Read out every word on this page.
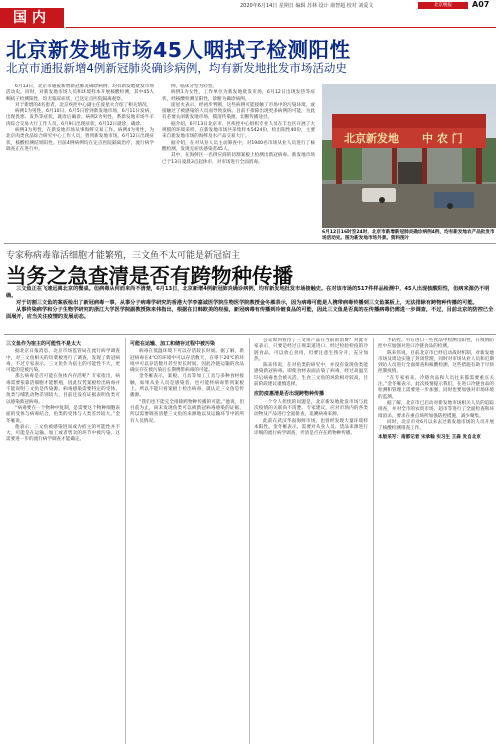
国内
2020年6月14日 星期日 编辑 苏林 设计 康智超 校对 刘爱文	北京晚报	A07
北京新发地市场45人咽拭子检测阳性
北京市通报新增4例新冠肺炎确诊病例，均有新发地批发市场活动史

6月13日，北京市通报新增新冠肺炎确诊病例，均有新发地批发市场活动史。同时，对新发地市场人员和环境样本开展核酸检测，其中45人咽拭子检测阳性，均无临床症状，已送定点医院隔离观察。

对于新增的4名患者，北京疾控中心副主任庞星火介绍了相关情况。

病例1为男性，6月10日、6月5日曾到新发地市场，6月11日发病，出现畏寒、发热等症状，就诊后确诊。病例2为男性，系新发地市场牛羊肉综合交易大厅工作人员，6月9日出现症状，6月12日就诊，确诊。

病例3为男性，在新发地市场从事海鲜交易工作。病例4为男性，为北京肉类食品综合研究中心工作人员，曾到新发地市场。6月12日出现症状，核酸检测结果阳性。目前4例病例均在定点医院隔离治疗，流行病学调查正在进行中。

例，临床分型为轻型。

病例1为女性，工作单位为新发地批发市场，6月12日出现发热等症状，经核酸检测呈阳性，诊断为确诊病例。

庞星火表示，经初步判断，这些病例可能接触了市场中的污染环境，或接触过了被感染的人员而导致发病。目前不排除出现更多病例的可能，为此有必要关闭新发地市场，摸清传染源，切断传播途径。

据介绍，6月13日北京市、区疾控中心组织专业人员在丰台区开展了大规模的环境采样，在新发地市场共采集样本5424份，检出阳性40份，主要来自新发地市场的海鲜及水产品交易大厅。

据介绍，在对从业人员主动筛查中，对1940名市场从业人员进行了核酸检测，发现无症状感染者45人。

其中，在海鲜区一名供应商的切割案板上检测出新冠病毒。新发地市场已于13日凌晨3点起休市，对市场进行全面消毒。

北京新发地 中 农 门
6月12日16时至24时，北京市新增新冠肺炎确诊病例4例，均有新发地农产品批发市场活动史。图为新发地市场外景。资料图片
专家称病毒靠活细胞才能繁殖，三文鱼不太可能是新冠宿主
当务之急查清是否有跨物种传播

三文鱼正在飞速远离北京的餐桌。但病毒从何而来尚不清楚，6月13日，北京新增4例新冠肺炎确诊病例，均有新发地批发市场接触史。在对该市场的517件样品检测中，45人出现核酸阳性，但病来源仍不明确。

对于切割三文鱼的案板检出了新冠病毒一事，从事分子病毒学研究的香港大学李嘉诚医学院生物医学院教授金冬雁表示，因为病毒可能是人携带病毒传播到三文鱼案板上，无法排除有跨物种传播的可能。

从事传染病学和分子生物学研究的浙江大学医学院副教授陈来伟指出，根据在日韩欧美的经验，新冠病毒有传播到冷链食品的可能，因此三文鱼是否真的在传播病毒仍需进一步调查，不过，目前北京的防控已全面展开，应当关注疫情的发展动态。

三文鱼作为宿主的可能性不是太大

据北京日报消息，北京市场监管局在流行病学调查中，对三文鱼相关的切菜板进行了调查，发现了新冠病毒。不过专家表示，三文鱼作为宿主的可能性不大，更可能的是被污染。

那么病毒是否可能在鱼体内存活呢？专家指出，病毒需要依靠活细胞才能繁殖，因此仅凭案板检出病毒并不能说明三文鱼是传染源。病毒感染需要特定的受体，鱼类与哺乳动物差别较大，目前还没有证据表明鱼类可以感染新冠病毒。

“病毒要在一个物种中复制，是需要这个物种细胞表面的受体与病毒结合，鱼类的受体与人类差异较大。”金冬雁说。

他表示，三文鱼被感染进而成为宿主的可能性并不大，可能是在运输、加工或者售卖的环节中被污染。这需要进一步的流行病学调查才能确定。

可能在运输、加工和储存过程中被污染

病毒在低温环境下可以存活较长时间。据了解，新冠病毒在4℃的环境中可以存活数天，在零下20℃的环境中可以存活数月甚至更长时间。因此冷链运输的食品确实存在被污染后长期携带病毒的可能。

金冬雁表示，案板、刀具等加工工具与多种食材接触，如果从业人员是感染者，也可能将病毒带到案板上。所以不能只看案板上检出病毒，就认定三文鱼是传播源。

“我们也不能完全排除跨物种传播的可能。”他说，但目前为止，尚未发现鱼类可以被新冠病毒感染的证据，所以需要调查清楚三文鱼的来源地以及运输环节中的所有人员情况。

公众如何看待了三文鱼产品在当前的消费？对此专家表示，只要是经过正规渠道进口、经过检验检疫的冷链食品，可以放心食用，但要注意生熟分开，充分加热。

陈来伟说，在对鱼类的研究中，并没有发现鱼类能感染新冠病毒。即使食材表面沾染了病毒，经过高温烹饪后病毒也会被灭活。生食三文鱼的风险相对较高，目前阶段建议谨慎选择。

应防疫惠清是否出现跨物种传播

一个令人担忧的问题是，北京新发地批发市场与此次疫情的关联尚不清楚。专家建议，应对市场内的各类动物及产品进行全面排查，追溯病毒来源。

此前在武汉华南海鲜市场，也曾经发现大量环境样本阳性。金冬雁表示，需要对从业人员、货品来源进行详细的流行病学调查，弄清是否存在跨物种传播。

予防控。另在进口一些食品中检测出阳性，在疫情防控中应加强对进口冷链食品的检测。

陈来伟说，目前北京市已经启动战时机制，对新发地市场及周边实施了封闭管理，同时对市场从业人员和近期到访人员进行全面排查和核酸检测，这些措施有助于尽快控制疫情。

“在专家看来，冷链食品和人员往来都需要重点关注。”金冬雁表示，此次疫情提示我们，在进口冷链食品的检测和管理上需要进一步加强，同时也要加强对市场环境的监测。

据了解，北京市已启动对新发地市场相关人员的追踪排查，并对全市的农贸市场、超市等进行了全面检查和环境消杀，要求在重点场所加强防控措施，减少聚集。

同时，北京市对6月以来去过新发地市场的人员开展了核酸检测排查工作。

本版采写：南都记者 宋承翰 实习生 王森 发自北京
